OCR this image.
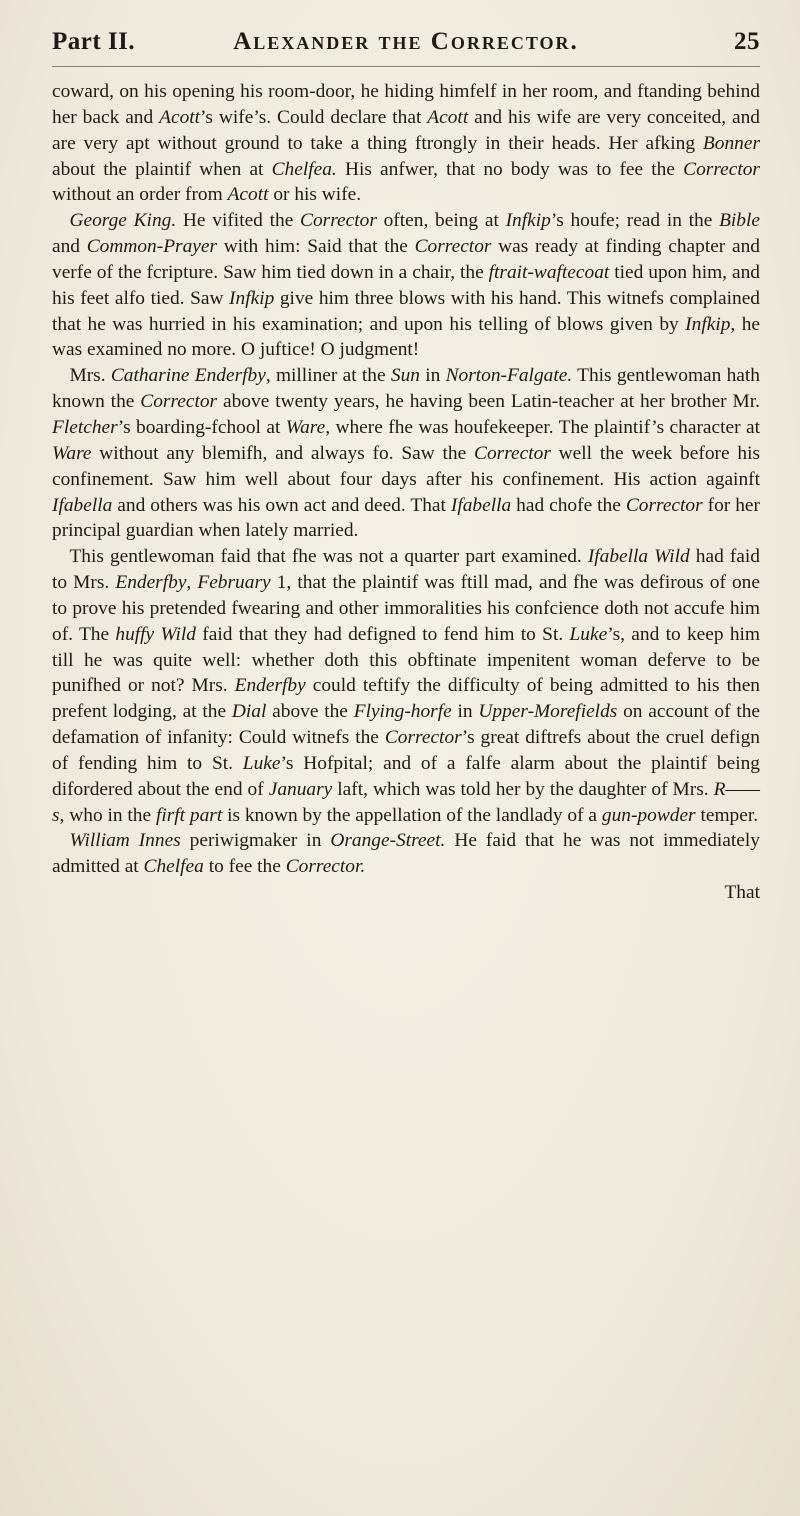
Part II.	Alexander the Corrector.	25

coward, on his opening his room-door, he hiding himfelf in her room, and ftanding behind her back and Acott’s wife’s. Could declare that Acott and his wife are very conceited, and are very apt without ground to take a thing ftrongly in their heads. Her afking Bonner about the plaintif when at Chelfea. His anfwer, that no body was to fee the Corrector without an order from Acott or his wife.

George King. He vifited the Corrector often, being at Infkip’s houfe; read in the Bible and Common-Prayer with him: Said that the Corrector was ready at finding chapter and verfe of the fcripture. Saw him tied down in a chair, the ftrait-waftecoat tied upon him, and his feet alfo tied. Saw Infkip give him three blows with his hand. This witnefs complained that he was hurried in his examination; and upon his telling of blows given by Infkip, he was examined no more. O juftice! O judgment!

Mrs. Catharine Enderfby, milliner at the Sun in Norton-Falgate. This gentlewoman hath known the Corrector above twenty years, he having been Latin-teacher at her brother Mr. Fletcher’s boarding-fchool at Ware, where fhe was houfekeeper. The plaintif’s character at Ware without any blemifh, and always fo. Saw the Corrector well the week before his confinement. Saw him well about four days after his confinement. His action againft Ifabella and others was his own act and deed. That Ifabella had chofe the Corrector for her principal guardian when lately married.

This gentlewoman faid that fhe was not a quarter part examined. Ifabella Wild had faid to Mrs. Enderfby, February 1, that the plaintif was ftill mad, and fhe was defirous of one to prove his pretended fwearing and other immoralities his confcience doth not accufe him of. The huffy Wild faid that they had defigned to fend him to St. Luke’s, and to keep him till he was quite well: whether doth this obftinate impenitent woman deferve to be punifhed or not? Mrs. Enderfby could teftify the difficulty of being admitted to his then prefent lodging, at the Dial above the Flying-horfe in Upper-Morefields on account of the defamation of infanity: Could witnefs the Corrector’s great diftrefs about the cruel defign of fending him to St. Luke’s Hofpital; and of a falfe alarm about the plaintif being difordered about the end of January laft, which was told her by the daughter of Mrs. R——s, who in the firft part is known by the appellation of the landlady of a gun-powder temper.

William Innes periwigmaker in Orange-Street. He faid that he was not immediately admitted at Chelfea to fee the Corrector.

That
